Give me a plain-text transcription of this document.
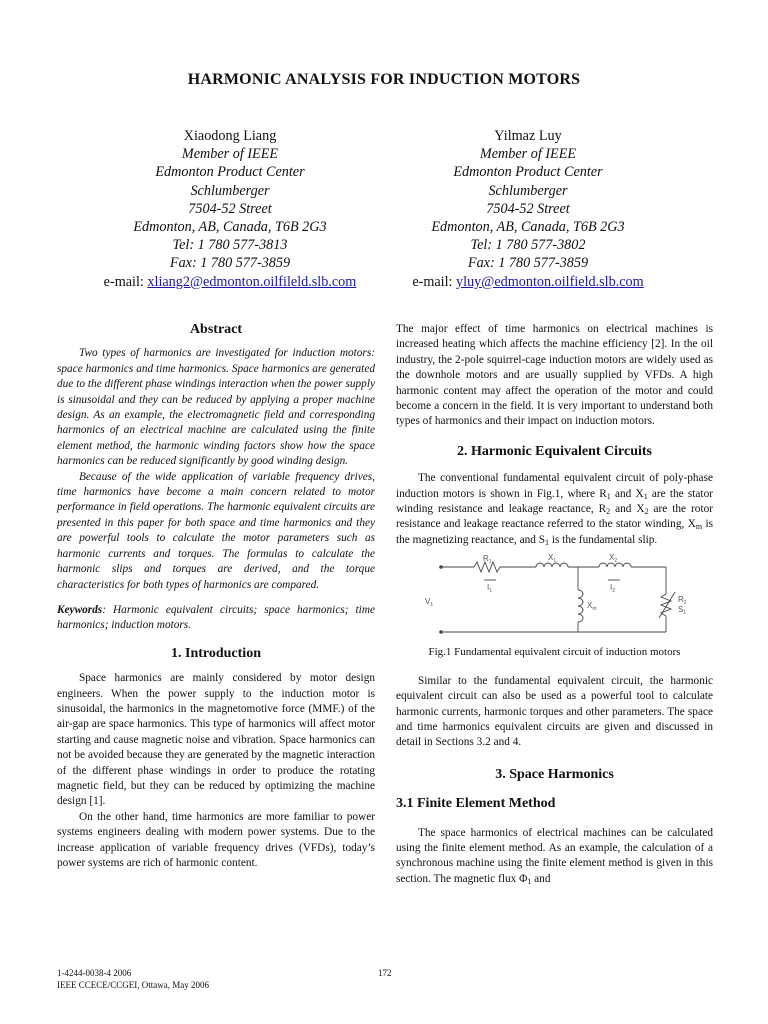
HARMONIC ANALYSIS FOR INDUCTION MOTORS
Xiaodong Liang
Member of IEEE
Edmonton Product Center
Schlumberger
7504-52 Street
Edmonton, AB, Canada, T6B 2G3
Tel: 1 780 577-3813
Fax: 1 780 577-3859
e-mail: xliang2@edmonton.oilfileld.slb.com
Yilmaz Luy
Member of IEEE
Edmonton Product Center
Schlumberger
7504-52 Street
Edmonton, AB, Canada, T6B 2G3
Tel: 1 780 577-3802
Fax: 1 780 577-3859
e-mail: yluy@edmonton.oilfield.slb.com
Abstract

Two types of harmonics are investigated for induction motors: space harmonics and time harmonics. Space harmonics are generated due to the different phase windings interaction when the power supply is sinusoidal and they can be reduced by applying a proper machine design. As an example, the electromagnetic field and corresponding harmonics of an electrical machine are calculated using the finite element method, the harmonic winding factors show how the space harmonics can be reduced significantly by good winding design.

Because of the wide application of variable frequency drives, time harmonics have become a main concern related to motor performance in field operations. The harmonic equivalent circuits are presented in this paper for both space and time harmonics and they are powerful tools to calculate the motor parameters such as harmonic currents and torques. The formulas to calculate the harmonic slips and torques are derived, and the torque characteristics for both types of harmonics are compared.

Keywords: Harmonic equivalent circuits; space harmonics; time harmonics; induction motors.

1. Introduction

Space harmonics are mainly considered by motor design engineers. When the power supply to the induction motor is sinusoidal, the harmonics in the magnetomotive force (MMF.) of the air-gap are space harmonics. This type of harmonics will affect motor starting and cause magnetic noise and vibration. Space harmonics can not be avoided because they are generated by the magnetic interaction of the different phase windings in order to produce the rotating magnetic field, but they can be reduced by optimizing the machine design [1].

On the other hand, time harmonics are more familiar to power systems engineers dealing with modern power systems. Due to the increase application of variable frequency drives (VFDs), today’s power systems are rich of harmonic content.

The major effect of time harmonics on electrical machines is increased heating which affects the machine efficiency [2]. In the oil industry, the 2-pole squirrel-cage induction motors are widely used as the downhole motors and are usually supplied by VFDs. A high harmonic content may affect the operation of the motor and could become a concern in the field. It is very important to understand both types of harmonics and their impact on induction motors.

2. Harmonic Equivalent Circuits

The conventional fundamental equivalent circuit of poly-phase induction motors is shown in Fig.1, where $R_1$ and $X_1$ are the stator winding resistance and leakage reactance, $R_2$ and $X_2$ are the rotor resistance and leakage reactance referred to the stator winding, $X_m$ is the magnetizing reactance, and $S_1$ is the fundamental slip.

$R_1$	$X_1$	$X_2$
$I_1$	$I_2$
$X_m$
$V_1$
$R_2$
$S_1$
Fig.1 Fundamental equivalent circuit of induction motors

Similar to the fundamental equivalent circuit, the harmonic equivalent circuit can also be used as a powerful tool to calculate harmonic currents, harmonic torques and other parameters. The space and time harmonics equivalent circuits are given and discussed in detail in Sections 3.2 and 4.

3. Space Harmonics
3.1 Finite Element Method

The space harmonics of electrical machines can be calculated using the finite element method. As an example, the calculation of a synchronous machine using the finite element method is given in this section. The magnetic flux $\Phi_1$ and

1-4244-0038-4 2006
IEEE CCECE/CCGEI, Ottawa, May 2006
172
